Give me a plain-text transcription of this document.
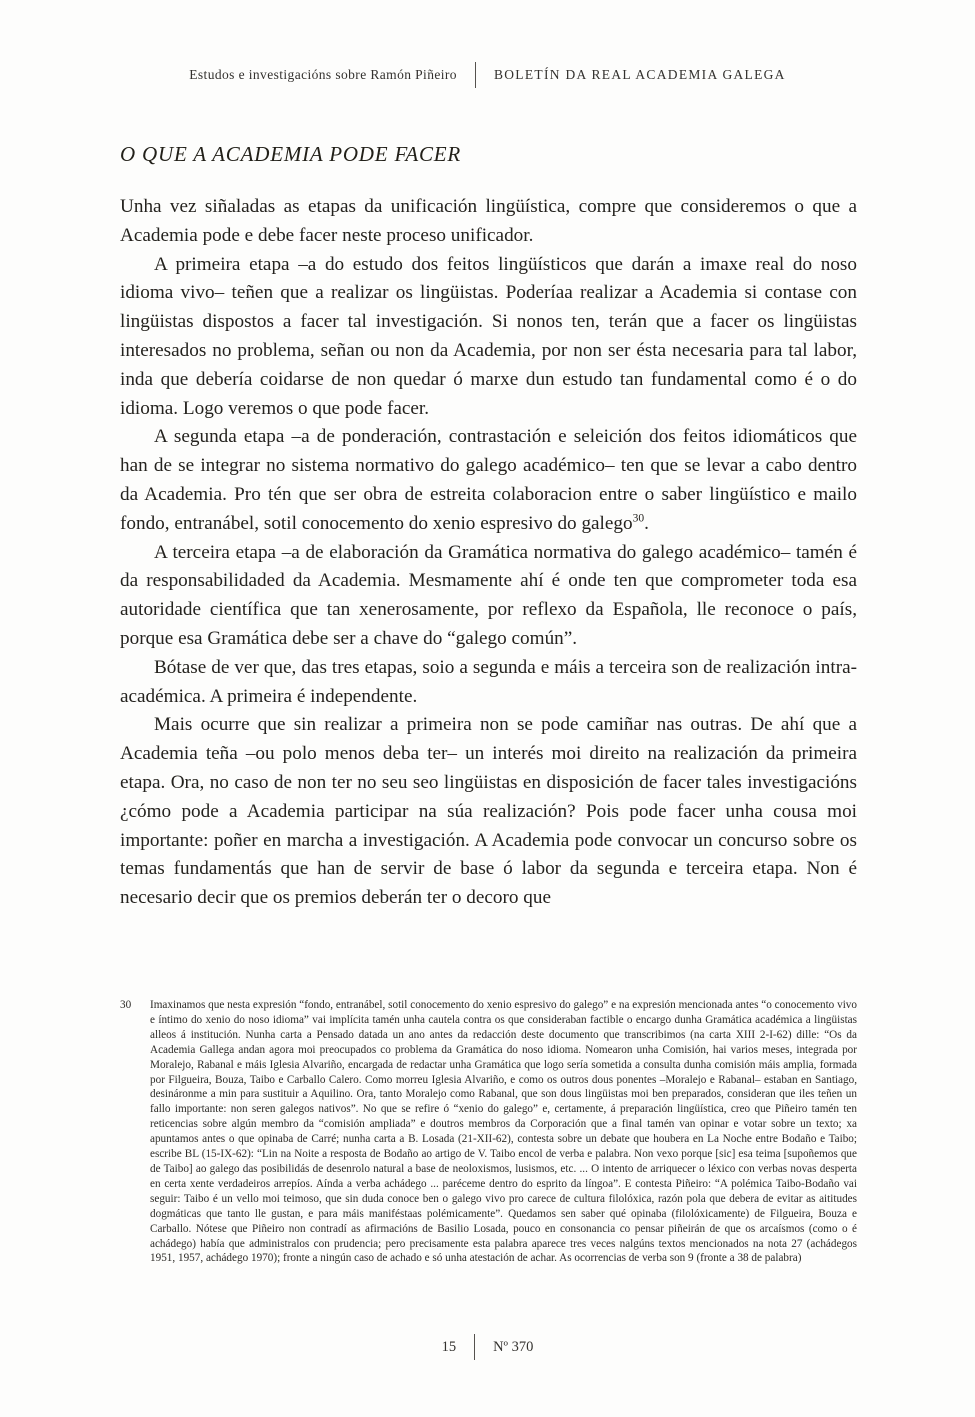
Estudos e investigacións sobre Ramón Piñeiro	BOLETÍN DA REAL ACADEMIA GALEGA
O QUE A ACADEMIA PODE FACER

Unha vez siñaladas as etapas da unificación lingüística, compre que consideremos o que a Academia pode e debe facer neste proceso unificador.

A primeira etapa –a do estudo dos feitos lingüísticos que darán a imaxe real do noso idioma vivo– teñen que a realizar os lingüistas. Poderíaa realizar a Academia si contase con lingüistas dispostos a facer tal investigación. Si nonos ten, terán que a facer os lingüistas interesados no problema, señan ou non da Academia, por non ser ésta necesaria para tal labor, inda que debería coidarse de non quedar ó marxe dun estudo tan fundamental como é o do idioma. Logo veremos o que pode facer.

A segunda etapa –a de ponderación, contrastación e seleición dos feitos idiomáticos que han de se integrar no sistema normativo do galego académico– ten que se levar a cabo dentro da Academia. Pro tén que ser obra de estreita colaboracion entre o saber lingüístico e mailo fondo, entranábel, sotil conocemento do xenio espresivo do galego$^{30}$.

A terceira etapa –a de elaboración da Gramática normativa do galego académico– tamén é da responsabilidaded da Academia. Mesmamente ahí é onde ten que comprometer toda esa autoridade científica que tan xenerosamente, por reflexo da Española, lle reconoce o país, porque esa Gramática debe ser a chave do “galego común”.

Bótase de ver que, das tres etapas, soio a segunda e máis a terceira son de realización intra-académica. A primeira é independente.

Mais ocurre que sin realizar a primeira non se pode camiñar nas outras. De ahí que a Academia teña –ou polo menos deba ter– un interés moi direito na realización da primeira etapa. Ora, no caso de non ter no seu seo lingüistas en disposición de facer tales investigacións ¿cómo pode a Academia participar na súa realización? Pois pode facer unha cousa moi importante: poñer en marcha a investigación. A Academia pode convocar un concurso sobre os temas fundamentás que han de servir de base ó labor da segunda e terceira etapa. Non é necesario decir que os premios deberán ter o decoro que

30	Imaxinamos que nesta expresión “fondo, entranábel, sotil conocemento do xenio espresivo do galego” e na expresión mencionada antes “o conocemento vivo e íntimo do xenio do noso idioma” vai implícita tamén unha cautela contra os que consideraban factible o encargo dunha Gramática académica a lingüistas alleos á institución. Nunha carta a Pensado datada un ano antes da redacción deste documento que transcribimos (na carta XIII 2-I-62) dille: “Os da Academia Gallega andan agora moi preocupados co problema da Gramática do noso idioma. Nomearon unha Comisión, hai varios meses, integrada por Moralejo, Rabanal e máis Iglesia Alvariño, encargada de redactar unha Gramática que logo sería sometida a consulta dunha comisión máis amplia, formada por Filgueira, Bouza, Taibo e Carballo Calero. Como morreu Iglesia Alvariño, e como os outros dous ponentes –Moralejo e Rabanal– estaban en Santiago, desináronme a min para sustituir a Aquilino. Ora, tanto Moralejo como Rabanal, que son dous lingüistas moi ben preparados, consideran que iles teñen un fallo importante: non seren galegos nativos”. No que se refire ó “xenio do galego” e, certamente, á preparación lingüística, creo que Piñeiro tamén ten reticencias sobre algún membro da “comisión ampliada” e doutros membros da Corporación que a final tamén van opinar e votar sobre un texto; xa apuntamos antes o que opinaba de Carré; nunha carta a B. Losada (21-XII-62), contesta sobre un debate que houbera en La Noche entre Bodaño e Taibo; escribe BL (15-IX-62): “Lin na Noite a resposta de Bodaño ao artigo de V. Taibo encol de verba e palabra. Non vexo porque [sic] esa teima [supoñemos que de Taibo] ao galego das posibilidás de desenrolo natural a base de neoloxismos, lusismos, etc. ... O intento de arriquecer o léxico con verbas novas desperta en certa xente verdadeiros arrepíos. Aínda a verba achádego ... paréceme dentro do esprito da língoa”. E contesta Piñeiro: “A polémica Taibo-Bodaño vai seguir: Taibo é un vello moi teimoso, que sin duda conoce ben o galego vivo pro carece de cultura filolóxica, razón pola que debera de evitar as aititudes dogmáticas que tanto lle gustan, e para máis maniféstaas polémicamente”. Quedamos sen saber qué opinaba (filolóxicamente) de Filgueira, Bouza e Carballo. Nótese que Piñeiro non contradí as afirmacións de Basilio Losada, pouco en consonancia co pensar piñeirán de que os arcaísmos (como o é achádego) había que administralos con prudencia; pero precisamente esta palabra aparece tres veces nalgúns textos mencionados na nota 27 (achádegos 1951, 1957, achádego 1970); fronte a ningún caso de achado e só unha atestación de achar. As ocorrencias de verba son 9 (fronte a 38 de palabra)
15	Nº 370
